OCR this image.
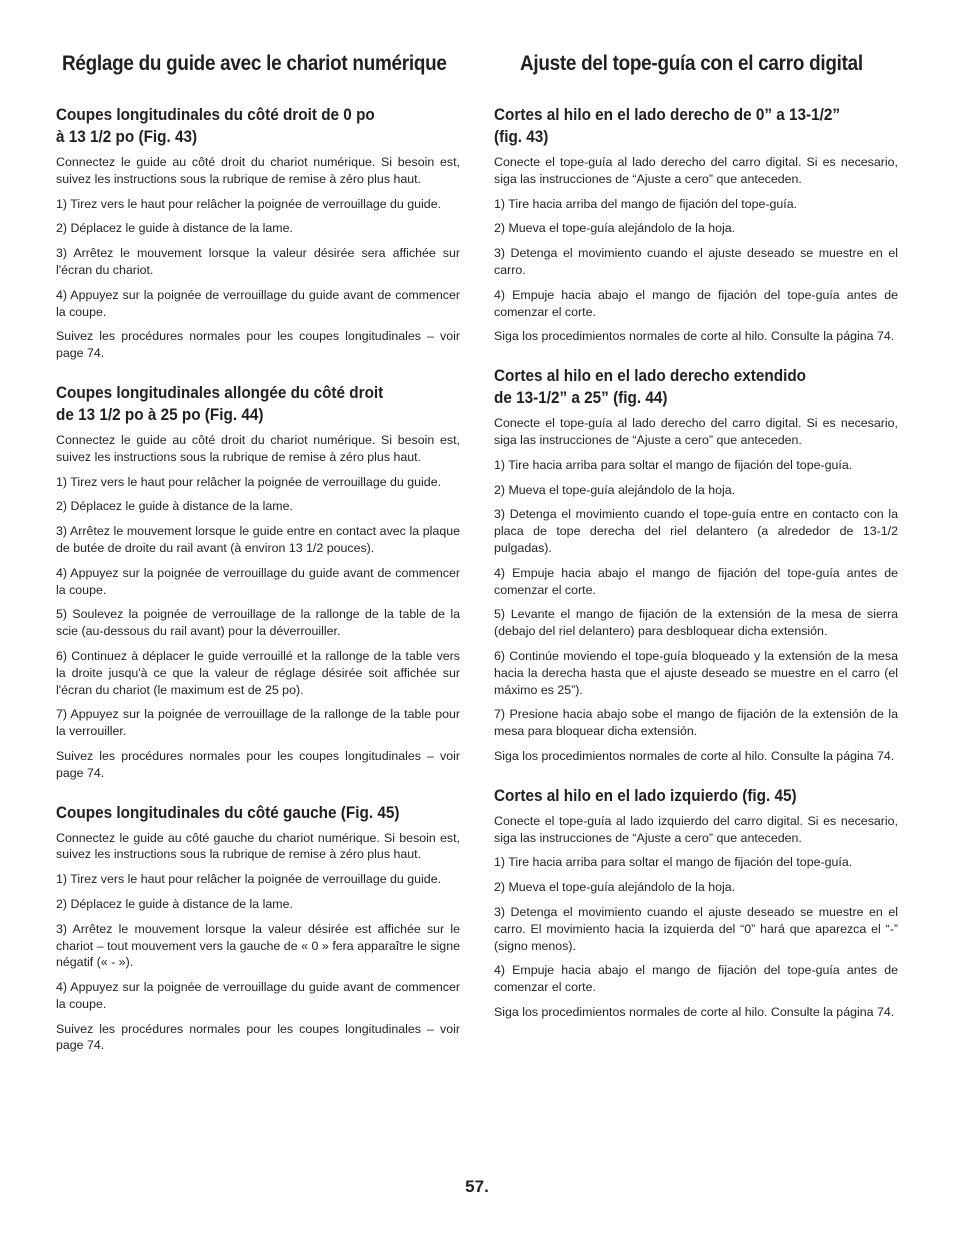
Réglage du guide avec le chariot numérique
Coupes longitudinales du côté droit de 0 po
à 13 1/2 po (Fig. 43)

Connectez le guide au côté droit du chariot numérique. Si besoin est, suivez les instructions sous la rubrique de remise à zéro plus haut.

1) Tirez vers le haut pour relâcher la poignée de verrouillage du guide.

2) Déplacez le guide à distance de la lame.

3) Arrêtez le mouvement lorsque la valeur désirée sera affichée sur l'écran du chariot.

4) Appuyez sur la poignée de verrouillage du guide avant de commencer la coupe.

Suivez les procédures normales pour les coupes longitudinales – voir page 74.

Coupes longitudinales allongée du côté droit
de 13 1/2 po à 25 po (Fig. 44)

Connectez le guide au côté droit du chariot numérique. Si besoin est, suivez les instructions sous la rubrique de remise à zéro plus haut.

1) Tirez vers le haut pour relâcher la poignée de verrouillage du guide.

2) Déplacez le guide à distance de la lame.

3) Arrêtez le mouvement lorsque le guide entre en contact avec la plaque de butée de droite du rail avant (à environ 13 1/2 pouces).

4) Appuyez sur la poignée de verrouillage du guide avant de commencer la coupe.

5) Soulevez la poignée de verrouillage de la rallonge de la table de la scie (au-dessous du rail avant) pour la déverrouiller.

6) Continuez à déplacer le guide verrouillé et la rallonge de la table vers la droite jusqu'à ce que la valeur de réglage désirée soit affichée sur l'écran du chariot (le maximum est de 25 po).

7) Appuyez sur la poignée de verrouillage de la rallonge de la table pour la verrouiller.

Suivez les procédures normales pour les coupes longitudinales – voir page 74.

Coupes longitudinales du côté gauche (Fig. 45)

Connectez le guide au côté gauche du chariot numérique. Si besoin est, suivez les instructions sous la rubrique de remise à zéro plus haut.

1) Tirez vers le haut pour relâcher la poignée de verrouillage du guide.

2) Déplacez le guide à distance de la lame.

3) Arrêtez le mouvement lorsque la valeur désirée est affichée sur le chariot – tout mouvement vers la gauche de « 0 » fera apparaître le signe négatif (« - »).

4) Appuyez sur la poignée de verrouillage du guide avant de commencer la coupe.

Suivez les procédures normales pour les coupes longitudinales – voir page 74.

Ajuste del tope-guía con el carro digital
Cortes al hilo en el lado derecho de 0” a 13-1/2”
(fig. 43)

Conecte el tope-guía al lado derecho del carro digital. Si es necesario, siga las instrucciones de “Ajuste a cero” que anteceden.

1) Tire hacia arriba del mango de fijación del tope-guía.

2) Mueva el tope-guía alejándolo de la hoja.

3) Detenga el movimiento cuando el ajuste deseado se muestre en el carro.

4) Empuje hacia abajo el mango de fijación del tope-guía antes de comenzar el corte.

Siga los procedimientos normales de corte al hilo. Consulte la página 74.

Cortes al hilo en el lado derecho extendido
de 13-1/2” a 25” (fig. 44)

Conecte el tope-guía al lado derecho del carro digital. Si es necesario, siga las instrucciones de “Ajuste a cero” que anteceden.

1) Tire hacia arriba para soltar el mango de fijación del tope-guía.

2) Mueva el tope-guía alejándolo de la hoja.

3) Detenga el movimiento cuando el tope-guía entre en contacto con la placa de tope derecha del riel delantero (a alrededor de 13-1/2 pulgadas).

4) Empuje hacia abajo el mango de fijación del tope-guía antes de comenzar el corte.

5) Levante el mango de fijación de la extensión de la mesa de sierra (debajo del riel delantero) para desbloquear dicha extensión.

6) Continúe moviendo el tope-guía bloqueado y la extensión de la mesa hacia la derecha hasta que el ajuste deseado se muestre en el carro (el máximo es 25”).

7) Presione hacia abajo sobe el mango de fijación de la extensión de la mesa para bloquear dicha extensión.

Siga los procedimientos normales de corte al hilo. Consulte la página 74.

Cortes al hilo en el lado izquierdo (fig. 45)

Conecte el tope-guía al lado izquierdo del carro digital. Si es necesario, siga las instrucciones de “Ajuste a cero” que anteceden.

1) Tire hacia arriba para soltar el mango de fijación del tope-guía.

2) Mueva el tope-guía alejándolo de la hoja.

3) Detenga el movimiento cuando el ajuste deseado se muestre en el carro. El movimiento hacia la izquierda del “0” hará que aparezca el “-” (signo menos).

4) Empuje hacia abajo el mango de fijación del tope-guía antes de comenzar el corte.

Siga los procedimientos normales de corte al hilo. Consulte la página 74.

57.
